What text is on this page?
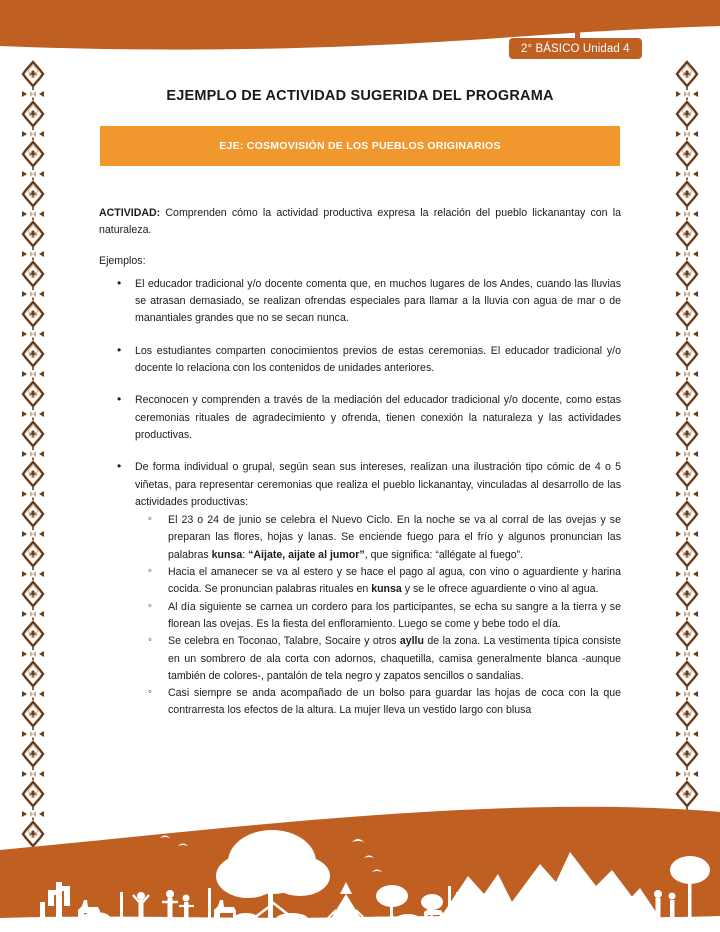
2° BÁSICO Unidad 4
EJEMPLO DE ACTIVIDAD SUGERIDA DEL PROGRAMA
EJE: COSMOVISIÓN DE LOS PUEBLOS ORIGINARIOS

ACTIVIDAD: Comprenden cómo la actividad productiva expresa la relación del pueblo lickanantay con la naturaleza.

Ejemplos:

• El educador tradicional y/o docente comenta que, en muchos lugares de los Andes, cuando las lluvias se atrasan demasiado, se realizan ofrendas especiales para llamar a la lluvia con agua de mar o de manantiales grandes que no se secan nunca.
• Los estudiantes comparten conocimientos previos de estas ceremonias. El educador tradicional y/o docente lo relaciona con los contenidos de unidades anteriores.
• Reconocen y comprenden a través de la mediación del educador tradicional y/o docente, como estas ceremonias rituales de agradecimiento y ofrenda, tienen conexión la naturaleza y las actividades productivas.
• De forma individual o grupal, según sean sus intereses, realizan una ilustración tipo cómic de 4 o 5 viñetas, para representar ceremonias que realiza el pueblo lickanantay, vinculadas al desarrollo de las actividades productivas:
◦ El 23 o 24 de junio se celebra el Nuevo Ciclo. En la noche se va al corral de las ovejas y se preparan las flores, hojas y lanas. Se enciende fuego para el frío y algunos pronuncian las palabras kunsa: “Aijate, aijate al jumor”, que significa: “allégate al fuego”.
◦ Hacia el amanecer se va al estero y se hace el pago al agua, con vino o aguardiente y harina cocida. Se pronuncian palabras rituales en kunsa y se le ofrece aguardiente o vino al agua.
◦ Al día siguiente se carnea un cordero para los participantes, se echa su sangre a la tierra y se florean las ovejas. Es la fiesta del enfloramiento. Luego se come y bebe todo el día.
◦ Se celebra en Toconao, Talabre, Socaire y otros ayllu de la zona. La vestimenta típica consiste en un sombrero de ala corta con adornos, chaquetilla, camisa generalmente blanca -aunque también de colores-, pantalón de tela negro y zapatos sencillos o sandalias.
◦ Casi siempre se anda acompañado de un bolso para guardar las hojas de coca con la que contrarresta los efectos de la altura. La mujer lleva un vestido largo con blusa
